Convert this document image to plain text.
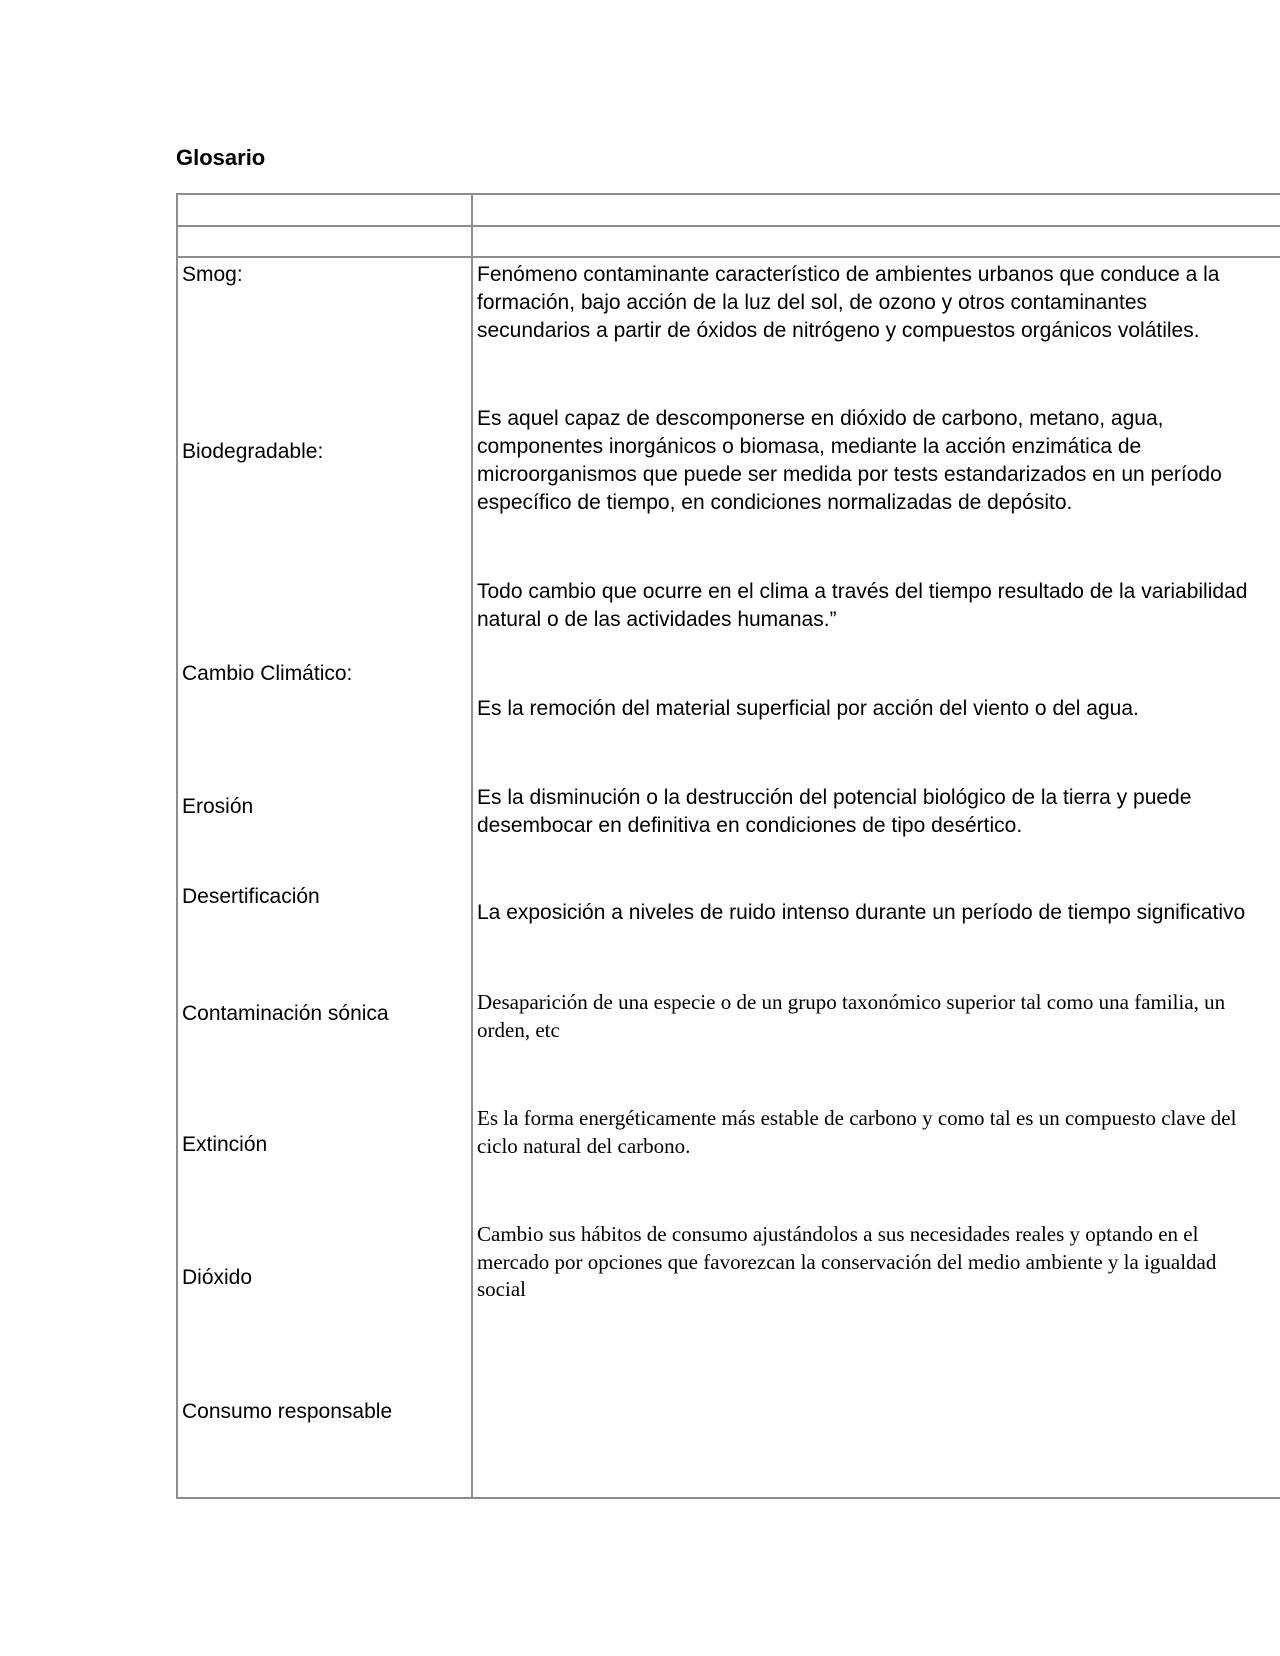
Glosario
Smog:
Biodegradable:
Cambio Climático:
Erosión
Desertificación
Contaminación sónica
Extinción
Dióxido
Consumo responsable
Fenómeno contaminante característico de ambientes urbanos que conduce a la
formación, bajo acción de la luz del sol, de ozono y otros contaminantes
secundarios a partir de óxidos de nitrógeno y compuestos orgánicos volátiles.
Es aquel capaz de descomponerse en dióxido de carbono, metano, agua,
componentes inorgánicos o biomasa, mediante la acción enzimática de
microorganismos que puede ser medida por tests estandarizados en un período
específico de tiempo, en condiciones normalizadas de depósito.
Todo cambio que ocurre en el clima a través del tiempo resultado de la variabilidad
natural o de las actividades humanas.”
Es la remoción del material superficial por acción del viento o del agua.
Es la disminución o la destrucción del potencial biológico de la tierra y puede
desembocar en definitiva en condiciones de tipo desértico.
La exposición a niveles de ruido intenso durante un período de tiempo significativo
Desaparición de una especie o de un grupo taxonómico superior tal como una familia, un
orden, etc
Es la forma energéticamente más estable de carbono y como tal es un compuesto clave del
ciclo natural del carbono.
Cambio sus hábitos de consumo ajustándolos a sus necesidades reales y optando en el
mercado por opciones que favorezcan la conservación del medio ambiente y la igualdad
social
